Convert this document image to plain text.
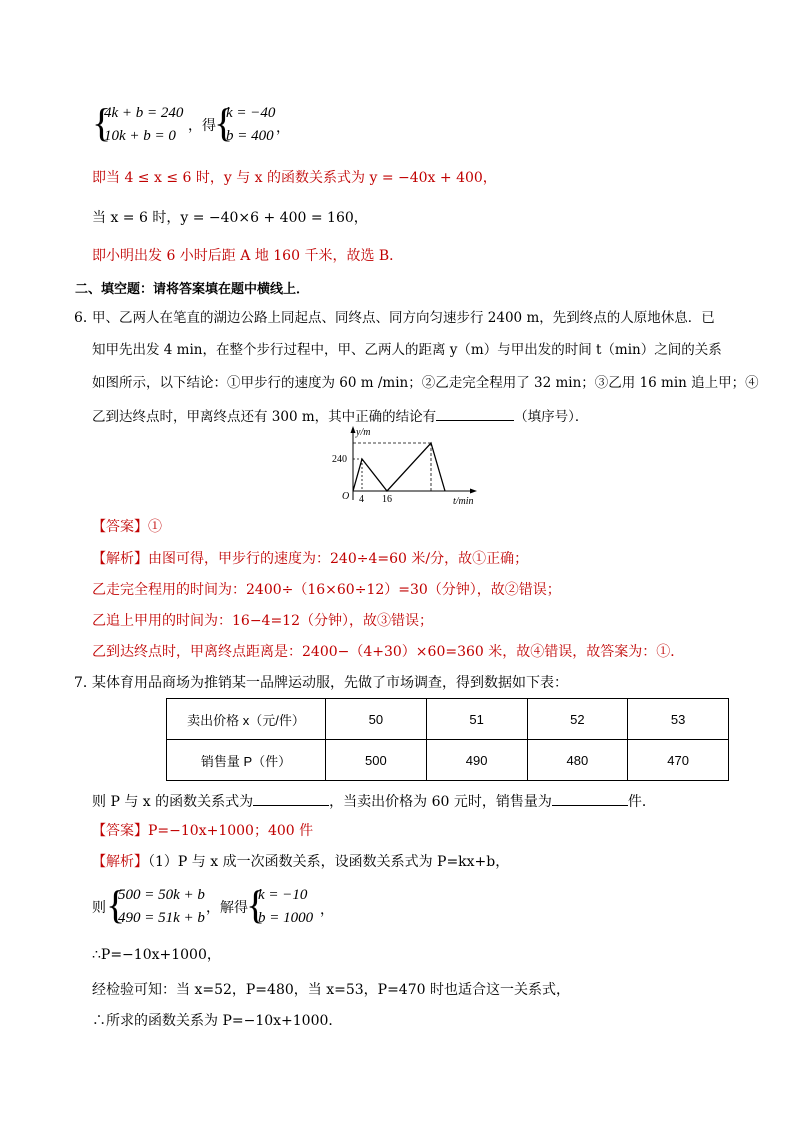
{
4k + b = 240
10k + b = 0
，得
{
k = −40
b = 400 ，
即当 4 ≤ x ≤ 6 时，y 与 x 的函数关系式为 y = −40x + 400，
当 x = 6 时，y = −40×6 + 400 = 160，
即小明出发 6 小时后距 A 地 160 千米，故选 B．
二、填空题：请将答案填在题中横线上．
6．
甲、乙两人在笔直的湖边公路上同起点、同终点、同方向匀速步行 2400 m，先到终点的人原地休息．已
知甲先出发 4 min，在整个步行过程中，甲、乙两人的距离 y（m）与甲出发的时间 t（min）之间的关系
如图所示，以下结论：①甲步行的速度为 60 m /min；②乙走完全程用了 32 min；③乙用 16 min 追上甲；④
乙到达终点时，甲离终点还有 300 m，其中正确的结论有	（填序号）．
y/m
240
O 4 16	t/min
【答案】①
【解析】由图可得，甲步行的速度为：240÷4=60 米/分，故①正确；
乙走完全程用的时间为：2400÷（16×60÷12）=30（分钟），故②错误；
乙追上甲用的时间为：16−4=12（分钟），故③错误；
乙到达终点时，甲离终点距离是：2400−（4+30）×60=360 米，故④错误，故答案为：①．
7．
某体育用品商场为推销某一品牌运动服，先做了市场调查，得到数据如下表：
卖出价格 x（元/件）	50	51	52	53
销售量 P（件）	500	490	480	470
则 P 与 x 的函数关系式为	，当卖出价格为 60 元时，销售量为	件．
【答案】P=−10x+1000；400 件
【解析】（1）P 与 x 成一次函数关系，设函数关系式为 P=kx+b，
则 {
500 = 50k + b
490 = 51k + b
，解得
{
k = −10
b = 1000 ，
∴P=−10x+1000，
经检验可知：当 x=52，P=480，当 x=53，P=470 时也适合这一关系式，
∴所求的函数关系为 P=−10x+1000．
